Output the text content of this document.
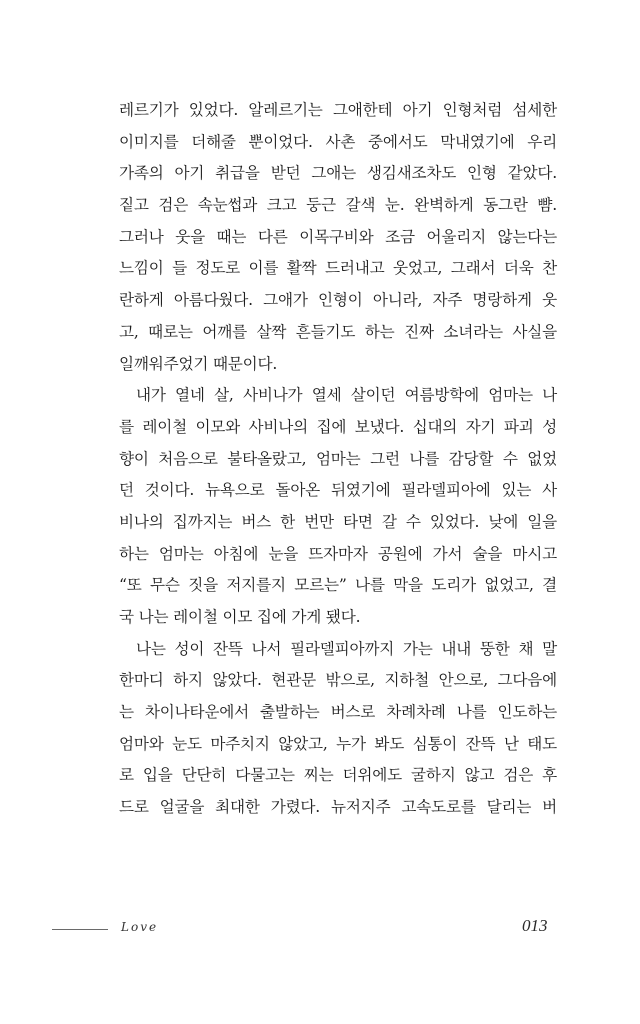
레르기가 있었다. 알레르기는 그애한테 아기 인형처럼 섬세한
이미지를 더해줄 뿐이었다. 사촌 중에서도 막내였기에 우리
가족의 아기 취급을 받던 그애는 생김새조차도 인형 같았다.
짙고 검은 속눈썹과 크고 둥근 갈색 눈. 완벽하게 동그란 뺨.
그러나 웃을 때는 다른 이목구비와 조금 어울리지 않는다는
느낌이 들 정도로 이를 활짝 드러내고 웃었고, 그래서 더욱 찬
란하게 아름다웠다. 그애가 인형이 아니라, 자주 명랑하게 웃
고, 때로는 어깨를 살짝 흔들기도 하는 진짜 소녀라는 사실을
일깨워주었기 때문이다.
내가 열네 살, 사비나가 열세 살이던 여름방학에 엄마는 나
를 레이철 이모와 사비나의 집에 보냈다. 십대의 자기 파괴 성
향이 처음으로 불타올랐고, 엄마는 그런 나를 감당할 수 없었
던 것이다. 뉴욕으로 돌아온 뒤였기에 필라델피아에 있는 사
비나의 집까지는 버스 한 번만 타면 갈 수 있었다. 낮에 일을
하는 엄마는 아침에 눈을 뜨자마자 공원에 가서 술을 마시고
“또 무슨 짓을 저지를지 모르는” 나를 막을 도리가 없었고, 결
국 나는 레이철 이모 집에 가게 됐다.
나는 성이 잔뜩 나서 필라델피아까지 가는 내내 뚱한 채 말
한마디 하지 않았다. 현관문 밖으로, 지하철 안으로, 그다음에
는 차이나타운에서 출발하는 버스로 차례차례 나를 인도하는
엄마와 눈도 마주치지 않았고, 누가 봐도 심통이 잔뜩 난 태도
로 입을 단단히 다물고는 찌는 더위에도 굴하지 않고 검은 후
드로 얼굴을 최대한 가렸다. 뉴저지주 고속도로를 달리는 버
Love	013
